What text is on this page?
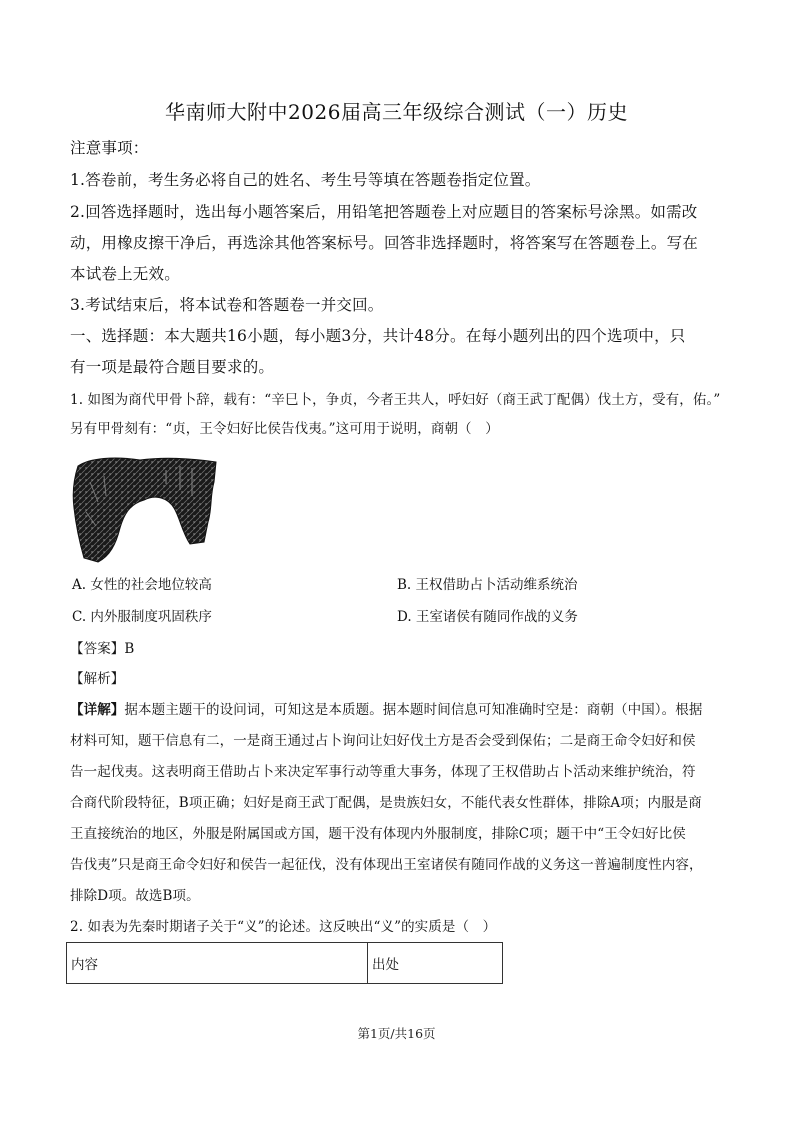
华南师大附中2026届高三年级综合测试（一）历史
注意事项：
1.答卷前，考生务必将自己的姓名、考生号等填在答题卷指定位置。
2.回答选择题时，选出每小题答案后，用铅笔把答题卷上对应题目的答案标号涂黑。如需改
动，用橡皮擦干净后，再选涂其他答案标号。回答非选择题时，将答案写在答题卷上。写在
本试卷上无效。
3.考试结束后，将本试卷和答题卷一并交回。
一、选择题：本大题共16小题，每小题3分，共计48分。在每小题列出的四个选项中，只
有一项是最符合题目要求的。
1. 如图为商代甲骨卜辞，载有：“辛巳卜，争贞，今者王共人，呼妇好（商王武丁配偶）伐土方，受有，佑。”
另有甲骨刻有：“贞，王令妇好比侯告伐夷。”这可用于说明，商朝（　）
A. 女性的社会地位较高	B. 王权借助占卜活动维系统治
C. 内外服制度巩固秩序	D. 王室诸侯有随同作战的义务
【答案】B
【解析】
【详解】据本题主题干的设问词，可知这是本质题。据本题时间信息可知准确时空是：商朝（中国）。根据
材料可知，题干信息有二，一是商王通过占卜询问让妇好伐土方是否会受到保佑；二是商王命令妇好和侯
告一起伐夷。这表明商王借助占卜来决定军事行动等重大事务，体现了王权借助占卜活动来维护统治，符
合商代阶段特征，B项正确；妇好是商王武丁配偶，是贵族妇女，不能代表女性群体，排除A项；内服是商
王直接统治的地区，外服是附属国或方国，题干没有体现内外服制度，排除C项；题干中“王令妇好比侯
告伐夷”只是商王命令妇好和侯告一起征伐，没有体现出王室诸侯有随同作战的义务这一普遍制度性内容，
排除D项。故选B项。
2. 如表为先秦时期诸子关于“义”的论述。这反映出“义”的实质是（　）
内容	出处
第1页/共16页
